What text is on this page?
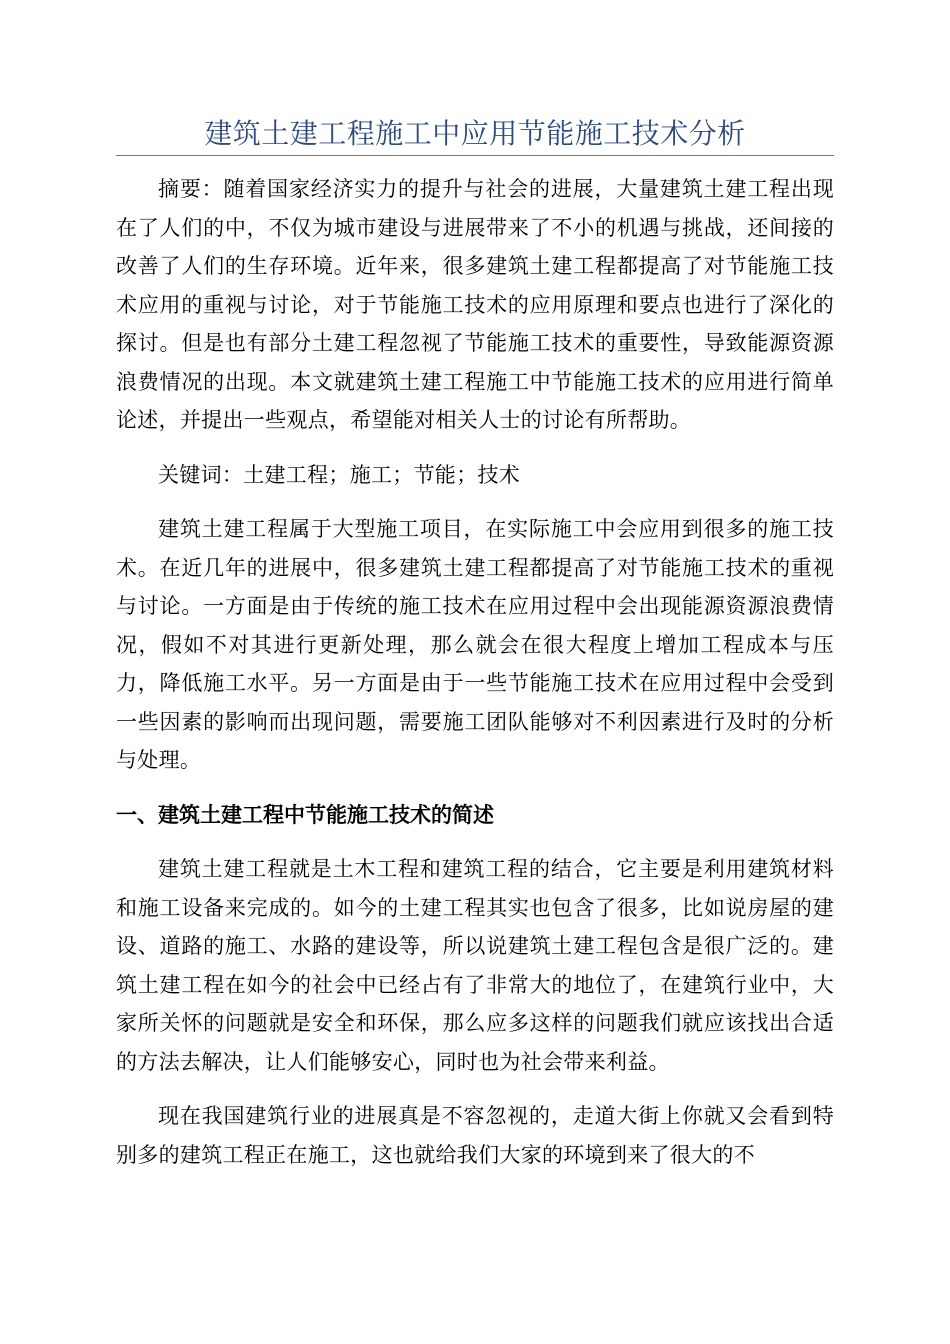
建筑土建工程施工中应用节能施工技术分析

摘要：随着国家经济实力的提升与社会的进展，大量建筑土建工程出现在了人们的中，不仅为城市建设与进展带来了不小的机遇与挑战，还间接的改善了人们的生存环境。近年来，很多建筑土建工程都提高了对节能施工技术应用的重视与讨论，对于节能施工技术的应用原理和要点也进行了深化的探讨。但是也有部分土建工程忽视了节能施工技术的重要性，导致能源资源浪费情况的出现。本文就建筑土建工程施工中节能施工技术的应用进行简单论述，并提出一些观点，希望能对相关人士的讨论有所帮助。

关键词：土建工程；施工；节能；技术

建筑土建工程属于大型施工项目，在实际施工中会应用到很多的施工技术。在近几年的进展中，很多建筑土建工程都提高了对节能施工技术的重视与讨论。一方面是由于传统的施工技术在应用过程中会出现能源资源浪费情况，假如不对其进行更新处理，那么就会在很大程度上增加工程成本与压力，降低施工水平。另一方面是由于一些节能施工技术在应用过程中会受到一些因素的影响而出现问题，需要施工团队能够对不利因素进行及时的分析与处理。

一、建筑土建工程中节能施工技术的简述

建筑土建工程就是土木工程和建筑工程的结合，它主要是利用建筑材料和施工设备来完成的。如今的土建工程其实也包含了很多，比如说房屋的建设、道路的施工、水路的建设等，所以说建筑土建工程包含是很广泛的。建筑土建工程在如今的社会中已经占有了非常大的地位了，在建筑行业中，大家所关怀的问题就是安全和环保，那么应多这样的问题我们就应该找出合适的方法去解决，让人们能够安心，同时也为社会带来利益。

现在我国建筑行业的进展真是不容忽视的，走道大街上你就又会看到特别多的建筑工程正在施工，这也就给我们大家的环境到来了很大的不
